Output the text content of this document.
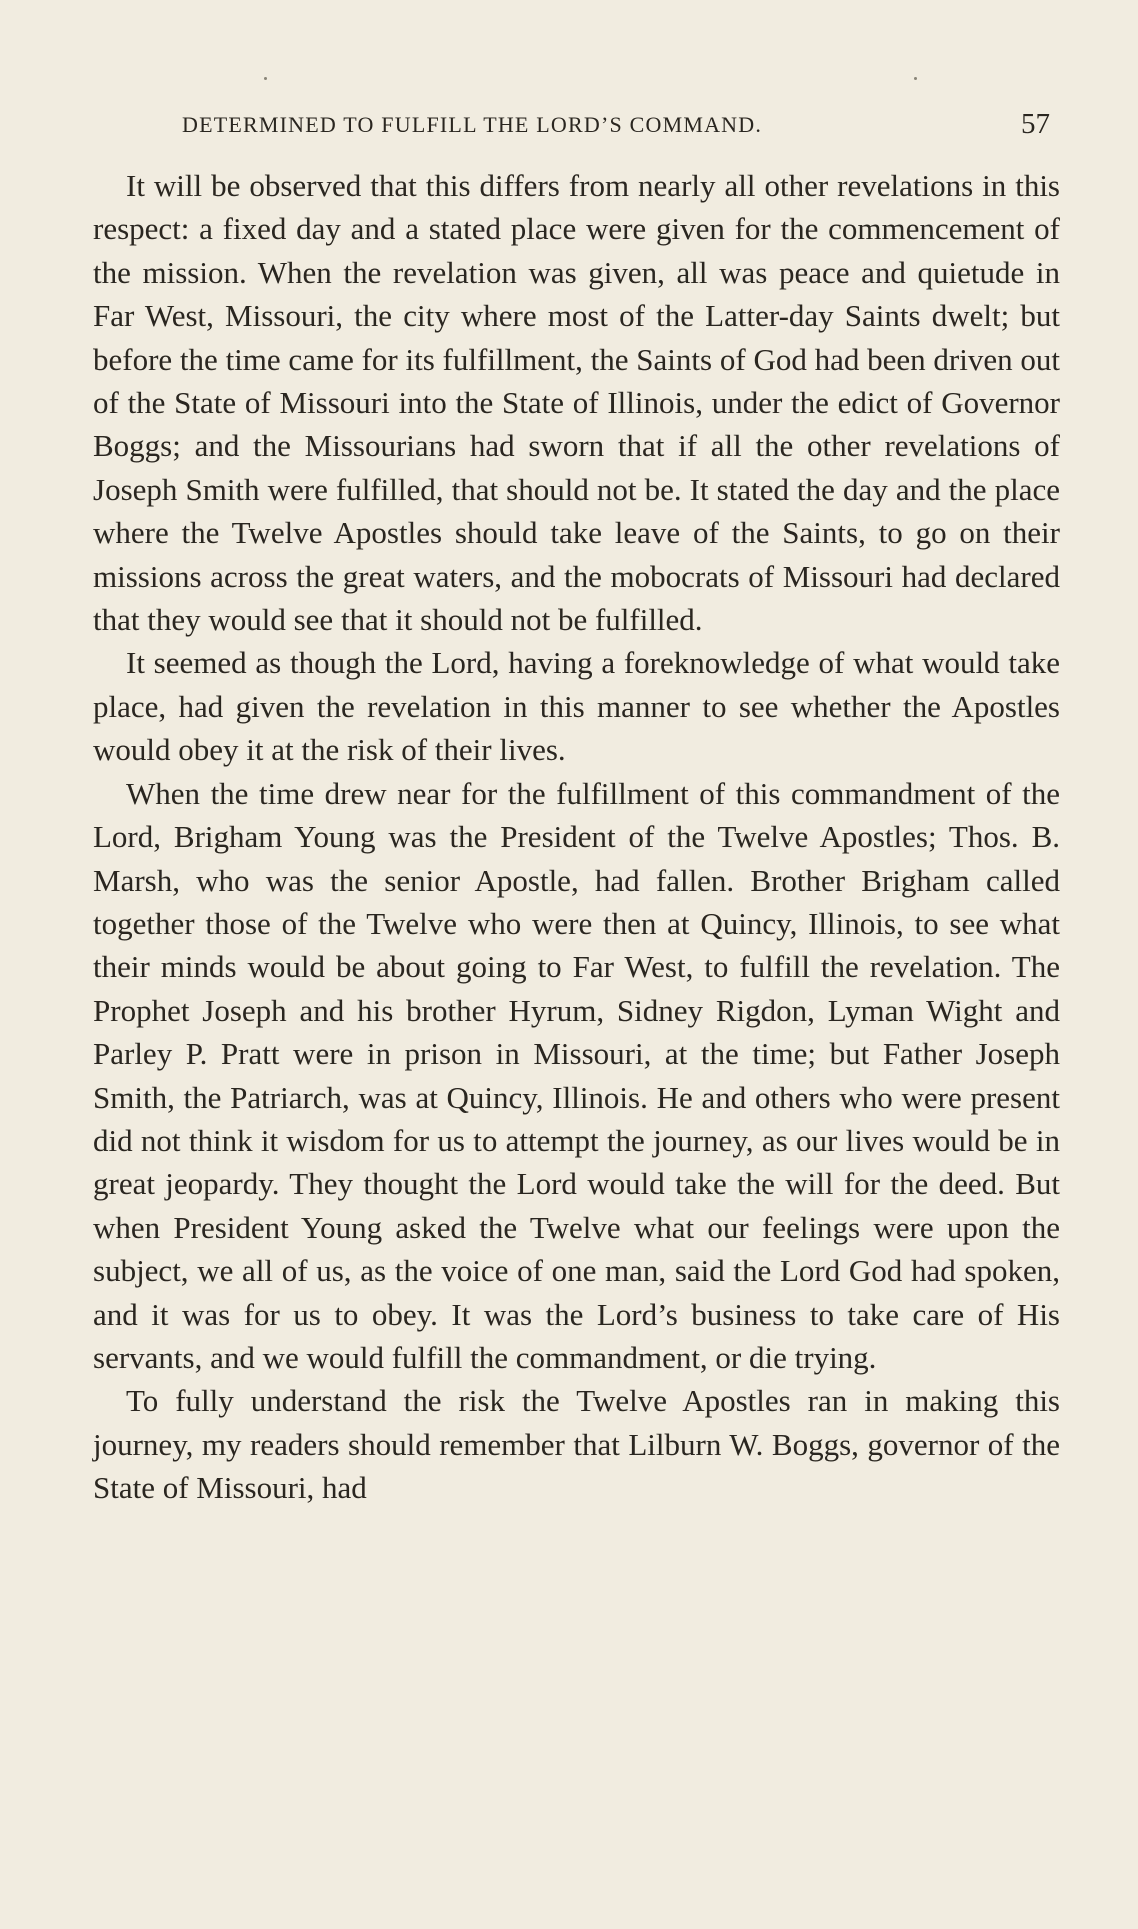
DETERMINED TO FULFILL THE LORD’S COMMAND.	57

It will be observed that this differs from nearly all other revelations in this respect: a fixed day and a stated place were given for the commencement of the mission. When the revelation was given, all was peace and quietude in Far West, Missouri, the city where most of the Latter-day Saints dwelt; but before the time came for its fulfillment, the Saints of God had been driven out of the State of Missouri into the State of Illinois, under the edict of Governor Boggs; and the Missourians had sworn that if all the other revelations of Joseph Smith were fulfilled, that should not be. It stated the day and the place where the Twelve Apostles should take leave of the Saints, to go on their missions across the great waters, and the mobocrats of Missouri had declared that they would see that it should not be fulfilled.

It seemed as though the Lord, having a foreknowledge of what would take place, had given the revelation in this manner to see whether the Apostles would obey it at the risk of their lives.

When the time drew near for the fulfillment of this commandment of the Lord, Brigham Young was the President of the Twelve Apostles; Thos. B. Marsh, who was the senior Apostle, had fallen. Brother Brigham called together those of the Twelve who were then at Quincy, Illinois, to see what their minds would be about going to Far West, to fulfill the revelation. The Prophet Joseph and his brother Hyrum, Sidney Rigdon, Lyman Wight and Parley P. Pratt were in prison in Missouri, at the time; but Father Joseph Smith, the Patriarch, was at Quincy, Illinois. He and others who were present did not think it wisdom for us to attempt the journey, as our lives would be in great jeopardy. They thought the Lord would take the will for the deed. But when President Young asked the Twelve what our feelings were upon the subject, we all of us, as the voice of one man, said the Lord God had spoken, and it was for us to obey. It was the Lord’s business to take care of His servants, and we would fulfill the commandment, or die trying.

To fully understand the risk the Twelve Apostles ran in making this journey, my readers should remember that Lilburn W. Boggs, governor of the State of Missouri, had
